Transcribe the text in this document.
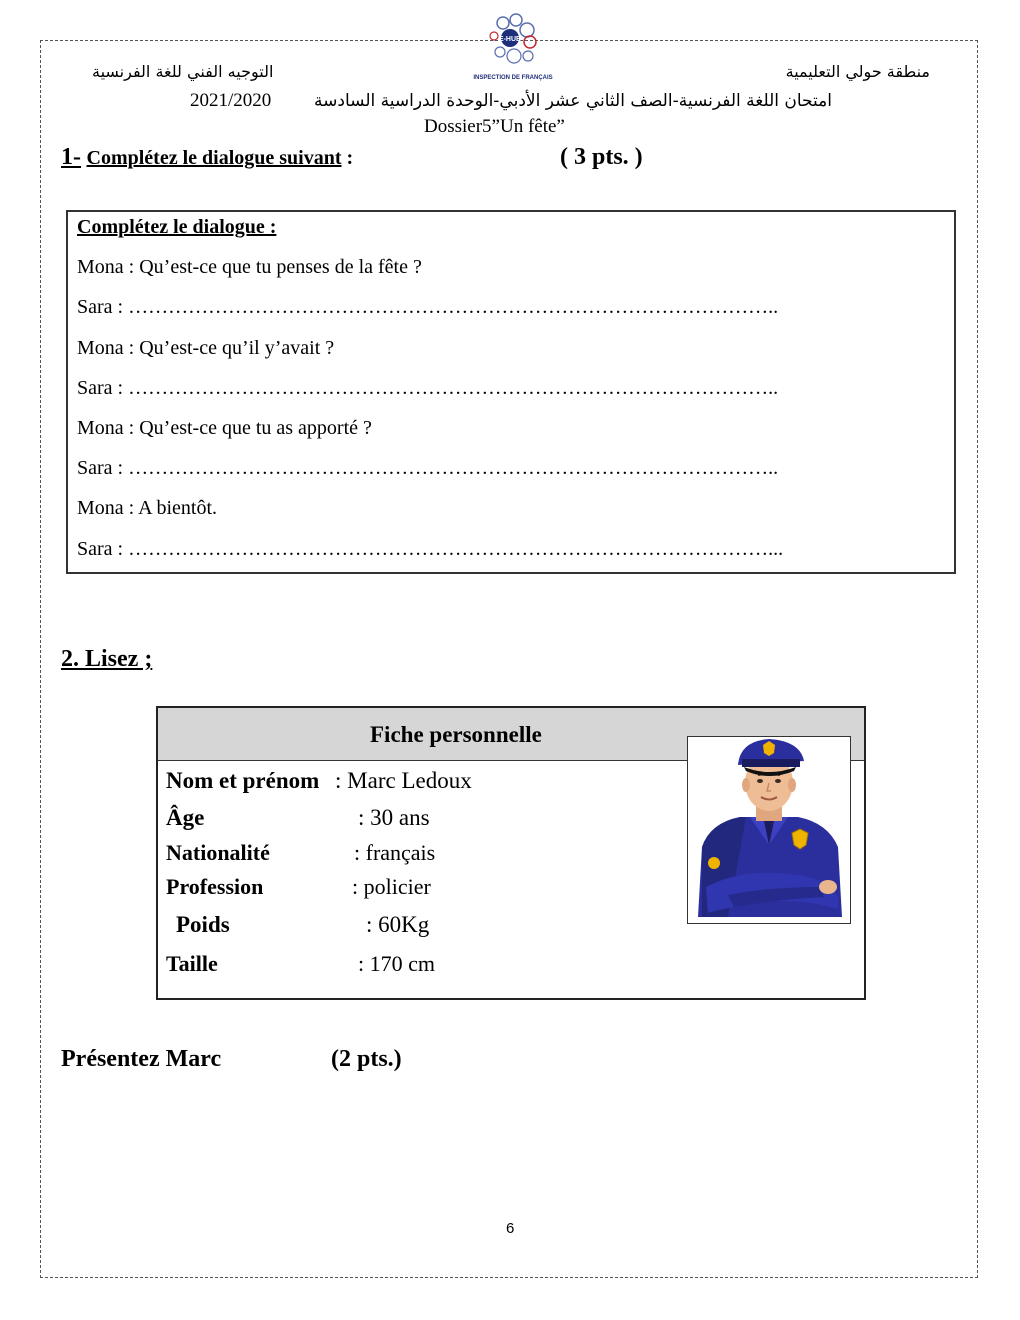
منطقة حولي التعليمية
التوجيه الفني للغة الفرنسية
E-HUB
INSPECTION DE FRANÇAIS
2021/2020	امتحان اللغة الفرنسية-الصف الثاني عشر الأدبي-الوحدة الدراسية السادسة
Dossier5”Un fête”
1- Complétez le dialogue suivant :	( 3 pts. )
Complétez le dialogue :
Mona : Qu’est-ce que tu penses de la fête ?
Sara : ……………………………………………………………………………………..
Mona : Qu’est-ce qu’il y’avait ?
Sara : ……………………………………………………………………………………..
Mona : Qu’est-ce que tu as apporté ?
Sara : ……………………………………………………………………………………..
Mona : A bientôt.
Sara : ……………………………………………………………………………………...
2. Lisez ;
Fiche personnelle
Nom et prénom : Marc Ledoux
Âge	: 30 ans
Nationalité	: français
Profession	: policier
Poids	: 60Kg
Taille	: 170 cm
Présentez Marc	(2 pts.)
6
